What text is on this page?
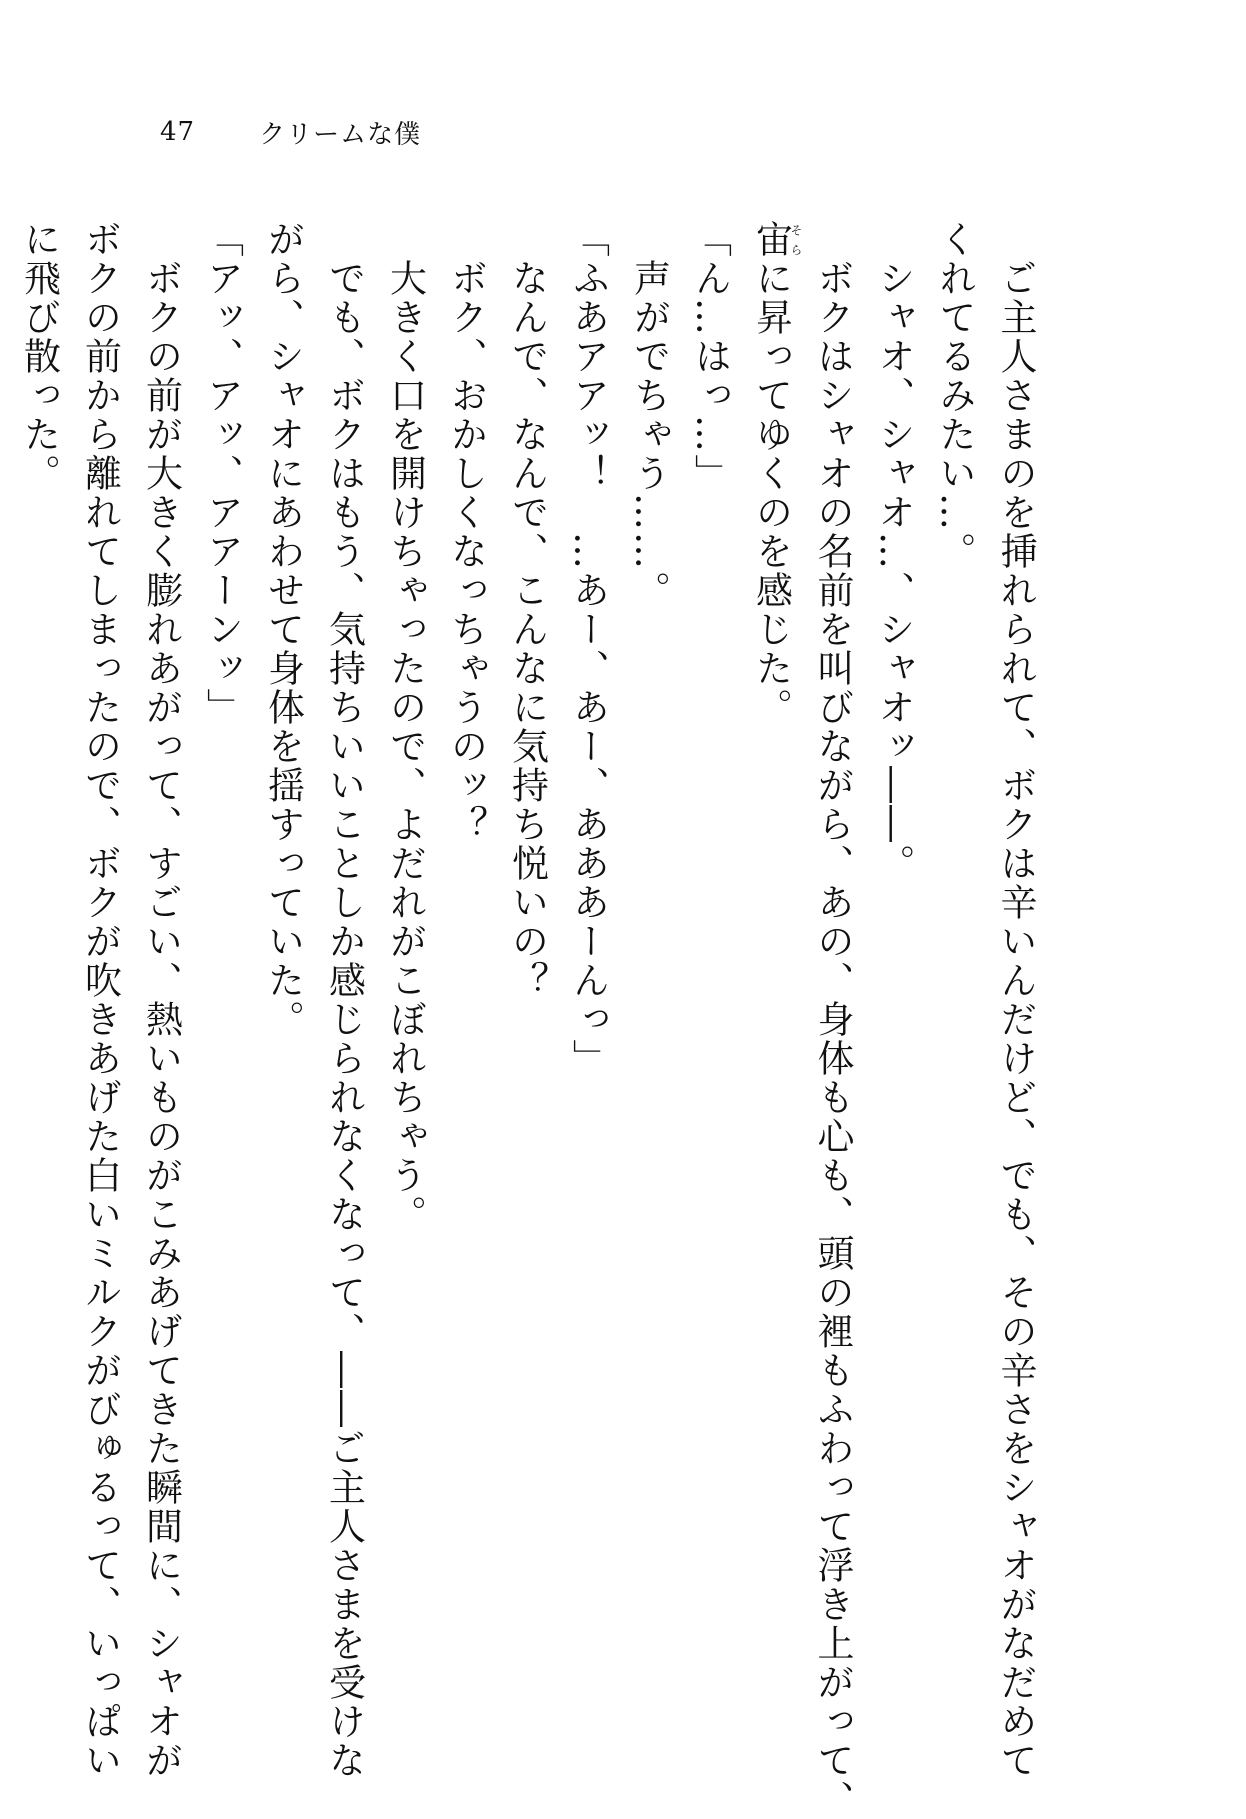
47 クリームな僕

　ご主人さまのを挿れられて、ボクは辛いんだけど、でも、その辛さをシャオがなだめて

くれてるみたい…。

　シャオ、シャオ…、シャオッ――。

　ボクはシャオの名前を叫びながら、あの、身体も心も、頭の裡もふわって浮き上がって、

宙そらに昇ってゆくのを感じた。

「ん…はっ…」

　声がでちゃう……。

「ふあアアッ！　…あー、あー、あああーんっ」

　なんで、なんで、こんなに気持ち悦いの？

　ボク、おかしくなっちゃうのッ？

　大きく口を開けちゃったので、よだれがこぼれちゃう。

　でも、ボクはもう、気持ちいいことしか感じられなくなって、――ご主人さまを受けな

がら、シャオにあわせて身体を揺すっていた。

「アッ、アッ、アアーンッ」

　ボクの前が大きく膨れあがって、すごい、熱いものがこみあげてきた瞬間に、シャオが

ボクの前から離れてしまったので、ボクが吹きあげた白いミルクがびゅるって、いっぱい

に飛び散った。
